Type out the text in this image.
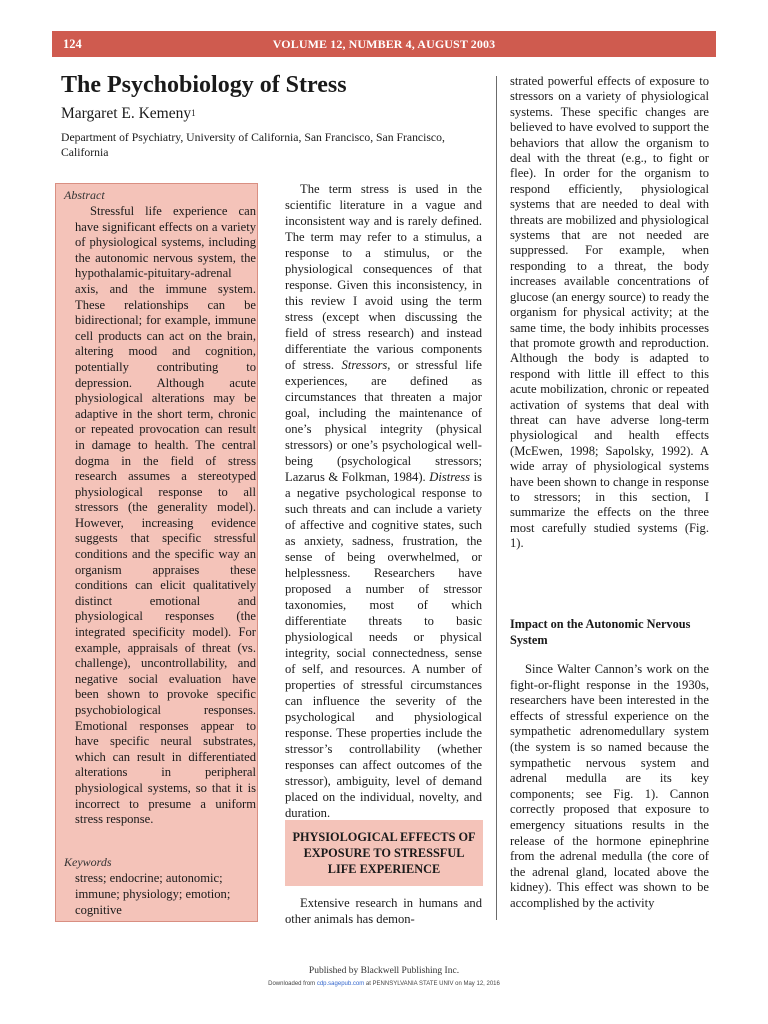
124	VOLUME 12, NUMBER 4, AUGUST 2003
The Psychobiology of Stress
Margaret E. Kemeny$^1$
Department of Psychiatry, University of California, San Francisco, San Francisco, California
Abstract

Stressful life experience can have significant effects on a variety of physiological systems, including the autonomic nervous system, the hypothalamic-pituitary-adrenal axis, and the immune system. These relationships can be bidirectional; for example, immune cell products can act on the brain, altering mood and cognition, potentially contributing to depression. Although acute physiological alterations may be adaptive in the short term, chronic or repeated provocation can result in damage to health. The central dogma in the field of stress research assumes a stereotyped physiological response to all stressors (the generality model). However, increasing evidence suggests that specific stressful conditions and the specific way an organism appraises these conditions can elicit qualitatively distinct emotional and physiological responses (the integrated specificity model). For example, appraisals of threat (vs. challenge), uncontrollability, and negative social evaluation have been shown to provoke specific psychobiological responses. Emotional responses appear to have specific neural substrates, which can result in differentiated alterations in peripheral physiological systems, so that it is incorrect to presume a uniform stress response.

Keywords

stress; endocrine; autonomic; immune; physiology; emotion; cognitive

The term stress is used in the scientific literature in a vague and inconsistent way and is rarely defined. The term may refer to a stimulus, a response to a stimulus, or the physiological consequences of that response. Given this inconsistency, in this review I avoid using the term stress (except when discussing the field of stress research) and instead differentiate the various components of stress. Stressors, or stressful life experiences, are defined as circumstances that threaten a major goal, including the maintenance of one’s physical integrity (physical stressors) or one’s psychological well-being (psychological stressors; Lazarus & Folkman, 1984). Distress is a negative psychological response to such threats and can include a variety of affective and cognitive states, such as anxiety, sadness, frustration, the sense of being overwhelmed, or helplessness. Researchers have proposed a number of stressor taxonomies, most of which differentiate threats to basic physiological needs or physical integrity, social connectedness, sense of self, and resources. A number of properties of stressful circumstances can influence the severity of the psychological and physiological response. These properties include the stressor’s controllability (whether responses can affect outcomes of the stressor), ambiguity, level of demand placed on the individual, novelty, and duration.

PHYSIOLOGICAL EFFECTS OF EXPOSURE TO STRESSFUL LIFE EXPERIENCE

Extensive research in humans and other animals has demon-

strated powerful effects of exposure to stressors on a variety of physiological systems. These specific changes are believed to have evolved to support the behaviors that allow the organism to deal with the threat (e.g., to fight or flee). In order for the organism to respond efficiently, physiological systems that are needed to deal with threats are mobilized and physiological systems that are not needed are suppressed. For example, when responding to a threat, the body increases available concentrations of glucose (an energy source) to ready the organism for physical activity; at the same time, the body inhibits processes that promote growth and reproduction. Although the body is adapted to respond with little ill effect to this acute mobilization, chronic or repeated activation of systems that deal with threat can have adverse long-term physiological and health effects (McEwen, 1998; Sapolsky, 1992). A wide array of physiological systems have been shown to change in response to stressors; in this section, I summarize the effects on the three most carefully studied systems (Fig. 1).

Impact on the Autonomic Nervous System

Since Walter Cannon’s work on the fight-or-flight response in the 1930s, researchers have been interested in the effects of stressful experience on the sympathetic adrenomedullary system (the system is so named because the sympathetic nervous system and adrenal medulla are its key components; see Fig. 1). Cannon correctly proposed that exposure to emergency situations results in the release of the hormone epinephrine from the adrenal medulla (the core of the adrenal gland, located above the kidney). This effect was shown to be accomplished by the activity

Published by Blackwell Publishing Inc.
Downloaded from cdp.sagepub.com at PENNSYLVANIA STATE UNIV on May 12, 2016
